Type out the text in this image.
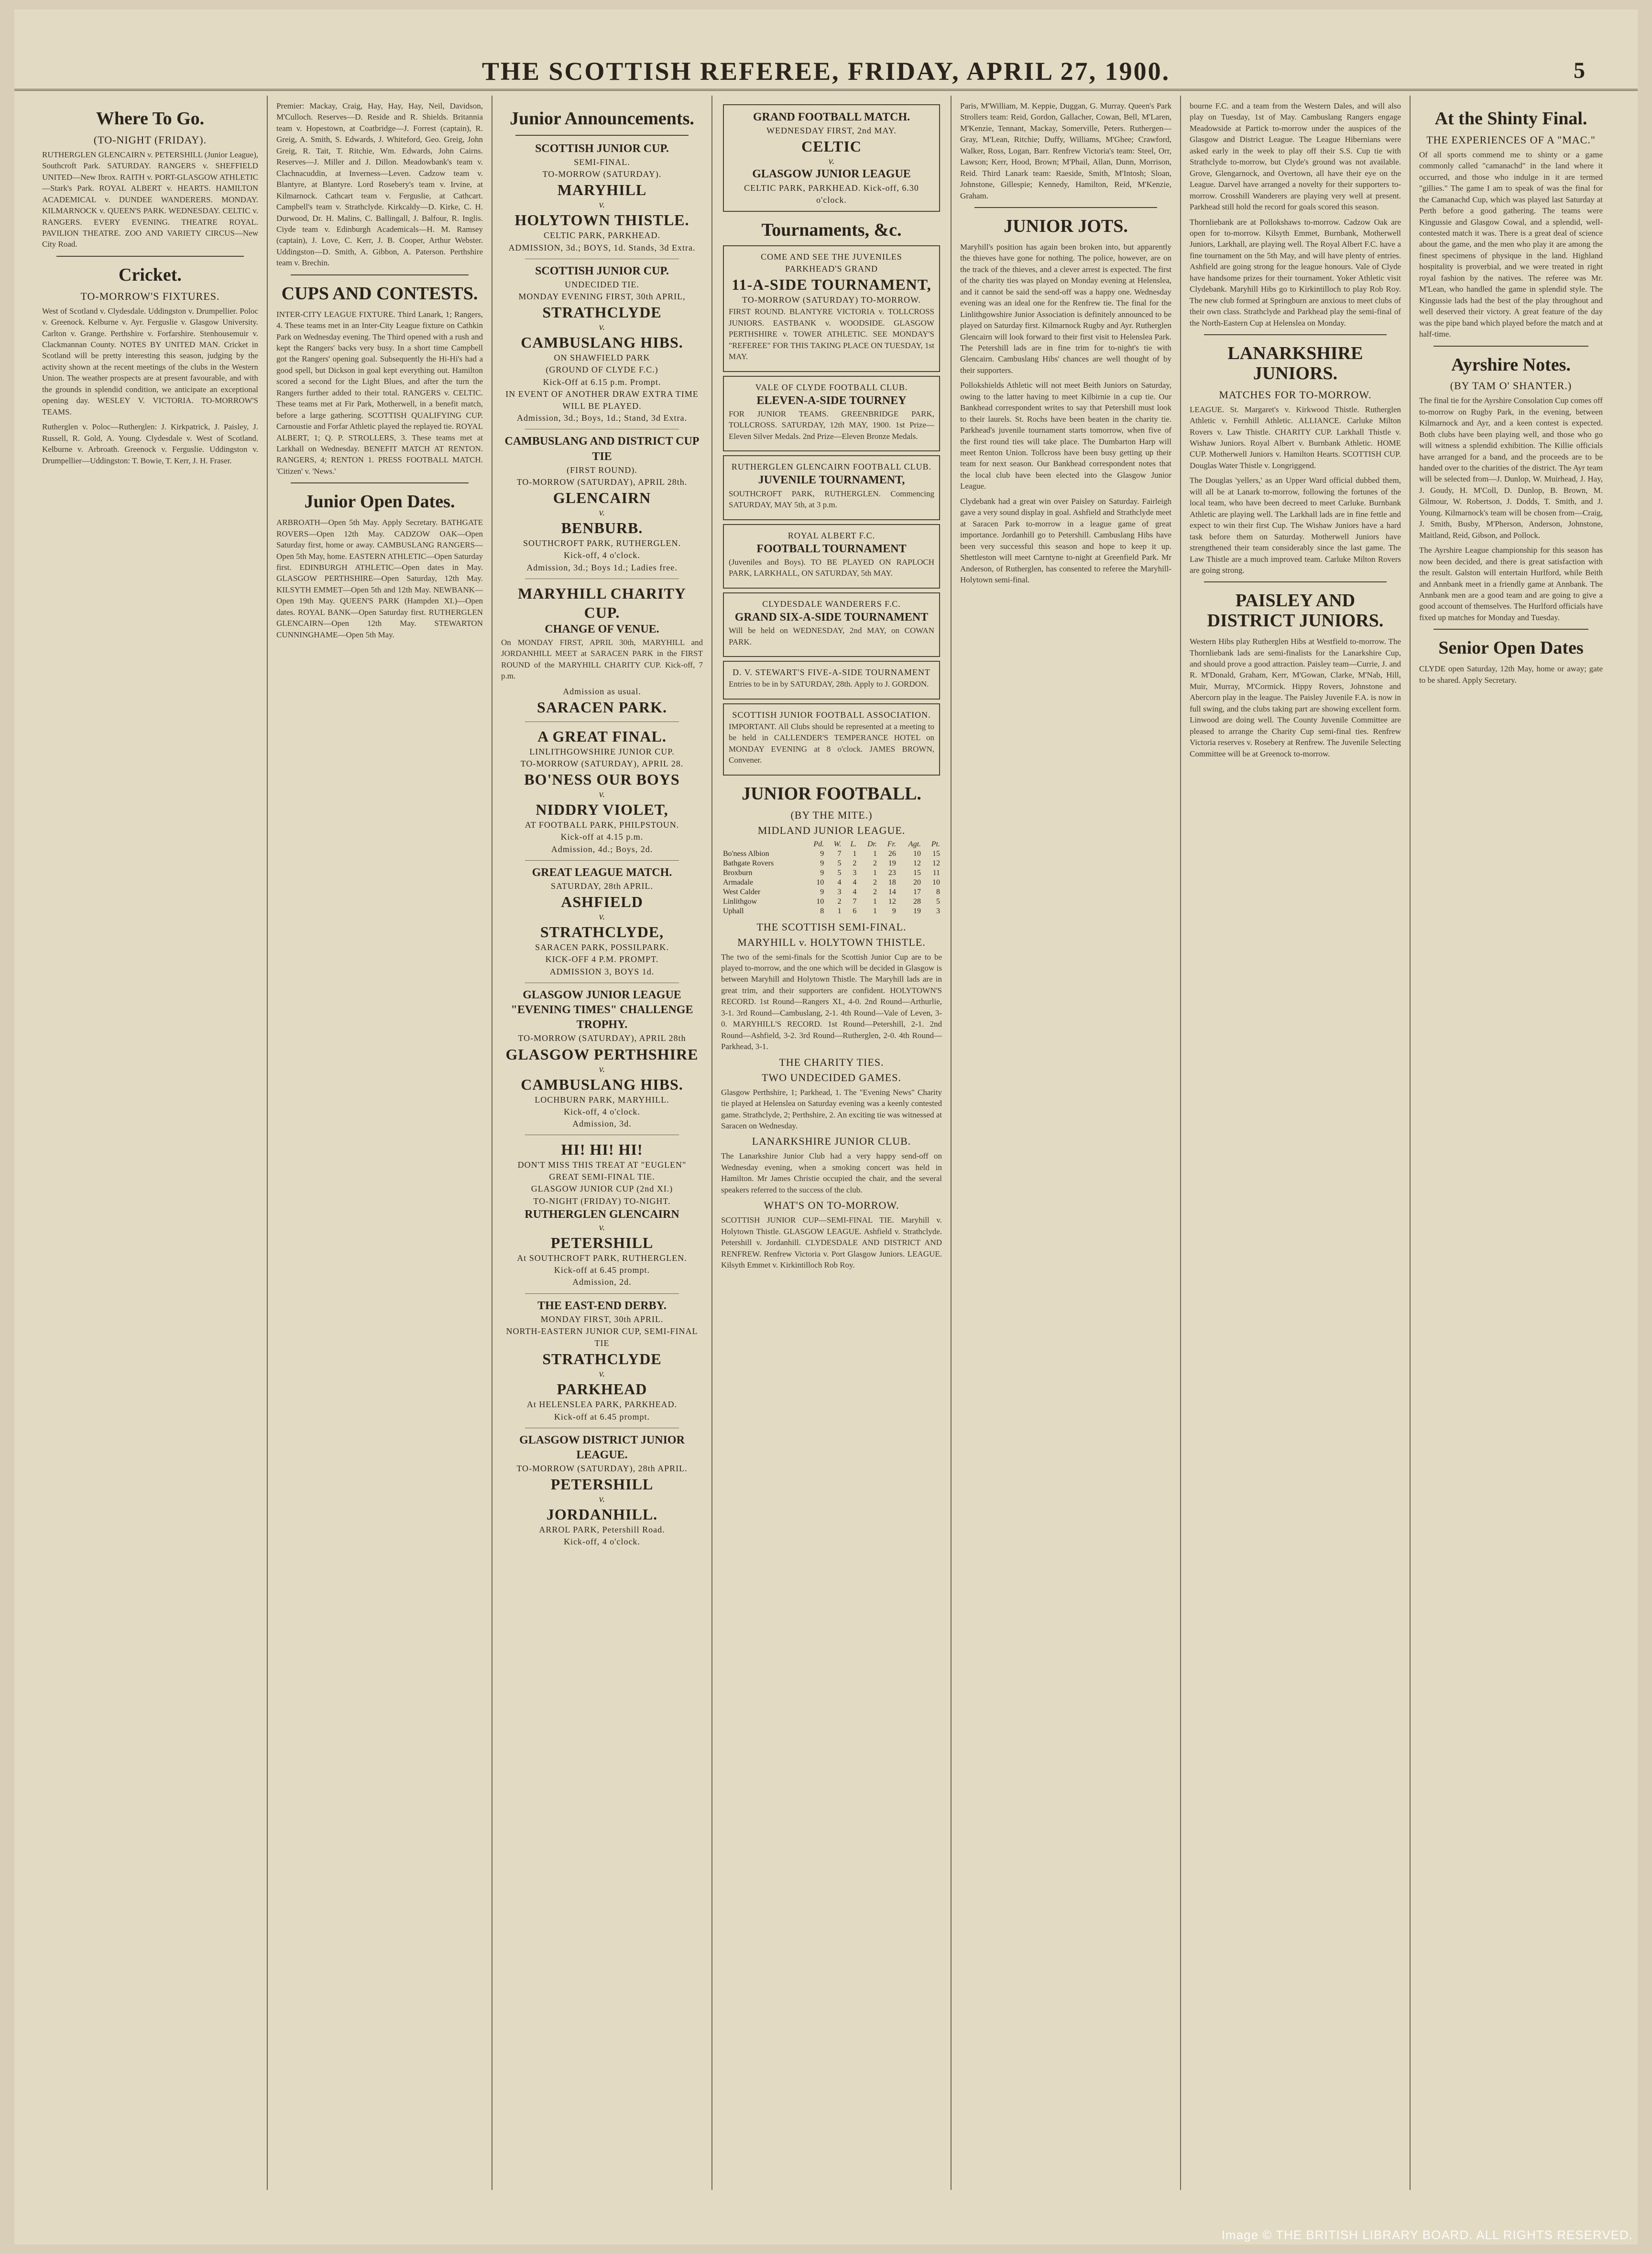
THE SCOTTISH REFEREE, FRIDAY, APRIL 27, 1900.	5
Where To Go.
(TO-NIGHT (FRIDAY).
RUTHERGLEN GLENCAIRN v. PETERSHILL (Junior League), Southcroft Park. SATURDAY. RANGERS v. SHEFFIELD UNITED—New Ibrox. RAITH v. PORT-GLASGOW ATHLETIC—Stark's Park. ROYAL ALBERT v. HEARTS. HAMILTON ACADEMICAL v. DUNDEE WANDERERS. MONDAY. KILMARNOCK v. QUEEN'S PARK. WEDNESDAY. CELTIC v. RANGERS. EVERY EVENING. THEATRE ROYAL. PAVILION THEATRE. ZOO AND VARIETY CIRCUS—New City Road.
Cricket.
TO-MORROW'S FIXTURES.
West of Scotland v. Clydesdale. Uddingston v. Drumpellier. Poloc v. Greenock. Kelburne v. Ayr. Ferguslie v. Glasgow University. Carlton v. Grange. Perthshire v. Forfarshire. Stenhousemuir v. Clackmannan County. NOTES BY UNITED MAN. Cricket in Scotland will be pretty interesting this season, judging by the activity shown at the recent meetings of the clubs in the Western Union. The weather prospects are at present favourable, and with the grounds in splendid condition, we anticipate an exceptional opening day. WESLEY V. VICTORIA. TO-MORROW'S TEAMS.
Rutherglen v. Poloc—Rutherglen: J. Kirkpatrick, J. Paisley, J. Russell, R. Gold, A. Young. Clydesdale v. West of Scotland. Kelburne v. Arbroath. Greenock v. Ferguslie. Uddingston v. Drumpellier—Uddingston: T. Bowie, T. Kerr, J. H. Fraser.
Premier: Mackay, Craig, Hay, Hay, Hay, Neil, Davidson, M'Culloch. Reserves—D. Reside and R. Shields. Britannia team v. Hopestown, at Coatbridge—J. Forrest (captain), R. Greig, A. Smith, S. Edwards, J. Whiteford, Geo. Greig, John Greig, R. Tait, T. Ritchie, Wm. Edwards, John Cairns. Reserves—J. Miller and J. Dillon. Meadowbank's team v. Clachnacuddin, at Inverness—Leven. Cadzow team v. Blantyre, at Blantyre. Lord Rosebery's team v. Irvine, at Kilmarnock. Cathcart team v. Ferguslie, at Cathcart. Campbell's team v. Strathclyde. Kirkcaldy—D. Kirke, C. H. Durwood, Dr. H. Malins, C. Ballingall, J. Balfour, R. Inglis. Ciyde team v. Edinburgh Academicals—H. M. Ramsey (captain), J. Love, C. Kerr, J. B. Cooper, Arthur Webster. Uddingston—D. Smith, A. Gibbon, A. Paterson. Perthshire team v. Brechin.
CUPS AND CONTESTS.
INTER-CITY LEAGUE FIXTURE. Third Lanark, 1; Rangers, 4. These teams met in an Inter-City League fixture on Cathkin Park on Wednesday evening. The Third opened with a rush and kept the Rangers' backs very busy. In a short time Campbell got the Rangers' opening goal. Subsequently the Hi-Hi's had a good spell, but Dickson in goal kept everything out. Hamilton scored a second for the Light Blues, and after the turn the Rangers further added to their total. RANGERS v. CELTIC. These teams met at Fir Park, Motherwell, in a benefit match, before a large gathering. SCOTTISH QUALIFYING CUP. Carnoustie and Forfar Athletic played the replayed tie. ROYAL ALBERT, 1; Q. P. STROLLERS, 3. These teams met at Larkhall on Wednesday. BENEFIT MATCH AT RENTON. RANGERS, 4; RENTON 1. PRESS FOOTBALL MATCH. 'Citizen' v. 'News.'
Junior Open Dates.
ARBROATH—Open 5th May. Apply Secretary. BATHGATE ROVERS—Open 12th May. CADZOW OAK—Open Saturday first, home or away. CAMBUSLANG RANGERS—Open 5th May, home. EASTERN ATHLETIC—Open Saturday first. EDINBURGH ATHLETIC—Open dates in May. GLASGOW PERTHSHIRE—Open Saturday, 12th May. KILSYTH EMMET—Open 5th and 12th May. NEWBANK—Open 19th May. QUEEN'S PARK (Hampden XI.)—Open dates. ROYAL BANK—Open Saturday first. RUTHERGLEN GLENCAIRN—Open 12th May. STEWARTON CUNNINGHAME—Open 5th May.
Junior Announcements.
SCOTTISH JUNIOR CUP.
SEMI-FINAL.
TO-MORROW (SATURDAY).
MARYHILL
v.
HOLYTOWN THISTLE.
CELTIC PARK, PARKHEAD.
ADMISSION, 3d.; BOYS, 1d. Stands, 3d Extra.
SCOTTISH JUNIOR CUP.
UNDECIDED TIE.
MONDAY EVENING FIRST, 30th APRIL,
STRATHCLYDE
v.
CAMBUSLANG HIBS.
ON SHAWFIELD PARK
(GROUND OF CLYDE F.C.)
Kick-Off at 6.15 p.m. Prompt.
IN EVENT OF ANOTHER DRAW EXTRA TIME WILL BE PLAYED.
Admission, 3d.; Boys, 1d.; Stand, 3d Extra.
CAMBUSLANG AND DISTRICT CUP TIE
(FIRST ROUND).
TO-MORROW (SATURDAY), APRIL 28th.
GLENCAIRN
v.
BENBURB.
SOUTHCROFT PARK, RUTHERGLEN.
Kick-off, 4 o'clock.
Admission, 3d.; Boys 1d.; Ladies free.
MARYHILL CHARITY CUP.
CHANGE OF VENUE.
On MONDAY FIRST, APRIL 30th, MARYHILL and JORDANHILL MEET at SARACEN PARK in the FIRST ROUND of the MARYHILL CHARITY CUP. Kick-off, 7 p.m.
Admission as usual.
SARACEN PARK.
A GREAT FINAL.
LINLITHGOWSHIRE JUNIOR CUP.
TO-MORROW (SATURDAY), APRIL 28.
BO'NESS OUR BOYS
v.
NIDDRY VIOLET,
AT FOOTBALL PARK, PHILPSTOUN.
Kick-off at 4.15 p.m.
Admission, 4d.; Boys, 2d.
GREAT LEAGUE MATCH.
SATURDAY, 28th APRIL.
ASHFIELD
v.
STRATHCLYDE,
SARACEN PARK, POSSILPARK.
KICK-OFF 4 P.M. PROMPT.
ADMISSION 3, BOYS 1d.
GLASGOW JUNIOR LEAGUE "EVENING TIMES" CHALLENGE TROPHY.
TO-MORROW (SATURDAY), APRIL 28th
GLASGOW PERTHSHIRE
v.
CAMBUSLANG HIBS.
LOCHBURN PARK, MARYHILL.
Kick-off, 4 o'clock.
Admission, 3d.
HI! HI! HI!
DON'T MISS THIS TREAT AT "EUGLEN"
GREAT SEMI-FINAL TIE.
GLASGOW JUNIOR CUP (2nd XI.)
TO-NIGHT (FRIDAY) TO-NIGHT.
RUTHERGLEN GLENCAIRN
v.
PETERSHILL
At SOUTHCROFT PARK, RUTHERGLEN.
Kick-off at 6.45 prompt.
Admission, 2d.
THE EAST-END DERBY.
MONDAY FIRST, 30th APRIL.
NORTH-EASTERN JUNIOR CUP, SEMI-FINAL TIE
STRATHCLYDE
v.
PARKHEAD
At HELENSLEA PARK, PARKHEAD.
Kick-off at 6.45 prompt.
GLASGOW DISTRICT JUNIOR LEAGUE.
TO-MORROW (SATURDAY), 28th APRIL.
PETERSHILL
v.
JORDANHILL.
ARROL PARK, Petershill Road.
Kick-off, 4 o'clock.
GRAND FOOTBALL MATCH.
WEDNESDAY FIRST, 2nd MAY.
CELTIC
v.
GLASGOW JUNIOR LEAGUE
CELTIC PARK, PARKHEAD. Kick-off, 6.30 o'clock.
Tournaments, &c.
COME AND SEE THE JUVENILES
PARKHEAD'S GRAND
11-A-SIDE TOURNAMENT,
TO-MORROW (SATURDAY) TO-MORROW.
FIRST ROUND. BLANTYRE VICTORIA v. TOLLCROSS JUNIORS. EASTBANK v. WOODSIDE. GLASGOW PERTHSHIRE v. TOWER ATHLETIC. SEE MONDAY'S "REFEREE" FOR THIS TAKING PLACE ON TUESDAY, 1st MAY.
VALE OF CLYDE FOOTBALL CLUB.
ELEVEN-A-SIDE TOURNEY
FOR JUNIOR TEAMS. GREENBRIDGE PARK, TOLLCROSS. SATURDAY, 12th MAY, 1900. 1st Prize—Eleven Silver Medals. 2nd Prize—Eleven Bronze Medals.
RUTHERGLEN GLENCAIRN FOOTBALL CLUB.
JUVENILE TOURNAMENT,
SOUTHCROFT PARK, RUTHERGLEN. Commencing SATURDAY, MAY 5th, at 3 p.m.
ROYAL ALBERT F.C.
FOOTBALL TOURNAMENT
(Juveniles and Boys). TO BE PLAYED ON RAPLOCH PARK, LARKHALL, ON SATURDAY, 5th MAY.
CLYDESDALE WANDERERS F.C.
GRAND SIX-A-SIDE TOURNAMENT
Will be held on WEDNESDAY, 2nd MAY, on COWAN PARK.
D. V. STEWART'S FIVE-A-SIDE TOURNAMENT
Entries to be in by SATURDAY, 28th. Apply to J. GORDON.
SCOTTISH JUNIOR FOOTBALL ASSOCIATION.
IMPORTANT. All Clubs should be represented at a meeting to be held in CALLENDER'S TEMPERANCE HOTEL on MONDAY EVENING at 8 o'clock. JAMES BROWN, Convener.
JUNIOR FOOTBALL.
(BY THE MITE.)
MIDLAND JUNIOR LEAGUE.
	Pd.	W.	L.	Dr.	Fr.	Agt.	Pt.
Bo'ness Albion	9	7	1	1	26	10	15
Bathgate Rovers	9	5	2	2	19	12	12
Broxburn	9	5	3	1	23	15	11
Armadale	10	4	4	2	18	20	10
West Calder	9	3	4	2	14	17	8
Linlithgow	10	2	7	1	12	28	5
Uphall	8	1	6	1	9	19	3
THE SCOTTISH SEMI-FINAL.
MARYHILL v. HOLYTOWN THISTLE.
The two of the semi-finals for the Scottish Junior Cup are to be played to-morrow, and the one which will be decided in Glasgow is between Maryhill and Holytown Thistle. The Maryhill lads are in great trim, and their supporters are confident. HOLYTOWN'S RECORD. 1st Round—Rangers XI., 4-0. 2nd Round—Arthurlie, 3-1. 3rd Round—Cambuslang, 2-1. 4th Round—Vale of Leven, 3-0. MARYHILL'S RECORD. 1st Round—Petershill, 2-1. 2nd Round—Ashfield, 3-2. 3rd Round—Rutherglen, 2-0. 4th Round—Parkhead, 3-1.
THE CHARITY TIES.
TWO UNDECIDED GAMES.
Glasgow Perthshire, 1; Parkhead, 1. The "Evening News" Charity tie played at Helenslea on Saturday evening was a keenly contested game. Strathclyde, 2; Perthshire, 2. An exciting tie was witnessed at Saracen on Wednesday.
LANARKSHIRE JUNIOR CLUB.
The Lanarkshire Junior Club had a very happy send-off on Wednesday evening, when a smoking concert was held in Hamilton. Mr James Christie occupied the chair, and the several speakers referred to the success of the club.
WHAT'S ON TO-MORROW.
SCOTTISH JUNIOR CUP—SEMI-FINAL TIE. Maryhill v. Holytown Thistle. GLASGOW LEAGUE. Ashfield v. Strathclyde. Petershill v. Jordanhill. CLYDESDALE AND DISTRICT AND RENFREW. Renfrew Victoria v. Port Glasgow Juniors. LEAGUE. Kilsyth Emmet v. Kirkintilloch Rob Roy.
Paris, M'William, M. Keppie, Duggan, G. Murray. Queen's Park Strollers team: Reid, Gordon, Gallacher, Cowan, Bell, M'Laren, M'Kenzie, Tennant, Mackay, Somerville, Peters. Ruthergen—Gray, M'Lean, Ritchie; Duffy, Williams, M'Ghee; Crawford, Walker, Ross, Logan, Barr. Renfrew Victoria's team: Steel, Orr, Lawson; Kerr, Hood, Brown; M'Phail, Allan, Dunn, Morrison, Reid. Third Lanark team: Raeside, Smith, M'Intosh; Sloan, Johnstone, Gillespie; Kennedy, Hamilton, Reid, M'Kenzie, Graham.
JUNIOR JOTS.
Maryhill's position has again been broken into, but apparently the thieves have gone for nothing. The police, however, are on the track of the thieves, and a clever arrest is expected. The first of the charity ties was played on Monday evening at Helenslea, and it cannot be said the send-off was a happy one. Wednesday evening was an ideal one for the Renfrew tie. The final for the Linlithgowshire Junior Association is definitely announced to be played on Saturday first. Kilmarnock Rugby and Ayr. Rutherglen Glencairn will look forward to their first visit to Helenslea Park. The Petershill lads are in fine trim for to-night's tie with Glencairn. Cambuslang Hibs' chances are well thought of by their supporters.
Pollokshields Athletic will not meet Beith Juniors on Saturday, owing to the latter having to meet Kilbirnie in a cup tie. Our Bankhead correspondent writes to say that Petershill must look to their laurels. St. Rochs have been beaten in the charity tie. Parkhead's juvenile tournament starts tomorrow, when five of the first round ties will take place. The Dumbarton Harp will meet Renton Union. Tollcross have been busy getting up their team for next season. Our Bankhead correspondent notes that the local club have been elected into the Glasgow Junior League.
Clydebank had a great win over Paisley on Saturday. Fairleigh gave a very sound display in goal. Ashfield and Strathclyde meet at Saracen Park to-morrow in a league game of great importance. Jordanhill go to Petershill. Cambuslang Hibs have been very successful this season and hope to keep it up. Shettleston will meet Carntyne to-night at Greenfield Park. Mr Anderson, of Rutherglen, has consented to referee the Maryhill-Holytown semi-final.
bourne F.C. and a team from the Western Dales, and will also play on Tuesday, 1st of May. Cambuslang Rangers engage Meadowside at Partick to-morrow under the auspices of the Glasgow and District League. The League Hibernians were asked early in the week to play off their S.S. Cup tie with Strathclyde to-morrow, but Clyde's ground was not available. Grove, Glengarnock, and Overtown, all have their eye on the League. Darvel have arranged a novelty for their supporters to-morrow. Crosshill Wanderers are playing very well at present. Parkhead still hold the record for goals scored this season.
Thornliebank are at Pollokshaws to-morrow. Cadzow Oak are open for to-morrow. Kilsyth Emmet, Burnbank, Motherwell Juniors, Larkhall, are playing well. The Royal Albert F.C. have a fine tournament on the 5th May, and will have plenty of entries. Ashfield are going strong for the league honours. Vale of Clyde have handsome prizes for their tournament. Yoker Athletic visit Clydebank. Maryhill Hibs go to Kirkintilloch to play Rob Roy. The new club formed at Springburn are anxious to meet clubs of their own class. Strathclyde and Parkhead play the semi-final of the North-Eastern Cup at Helenslea on Monday.
LANARKSHIRE JUNIORS.
MATCHES FOR TO-MORROW.
LEAGUE. St. Margaret's v. Kirkwood Thistle. Rutherglen Athletic v. Fernhill Athletic. ALLIANCE. Carluke Milton Rovers v. Law Thistle. CHARITY CUP. Larkhall Thistle v. Wishaw Juniors. Royal Albert v. Burnbank Athletic. HOME CUP. Motherwell Juniors v. Hamilton Hearts. SCOTTISH CUP. Douglas Water Thistle v. Longriggend.
The Douglas 'yellers,' as an Upper Ward official dubbed them, will all be at Lanark to-morrow, following the fortunes of the local team, who have been decreed to meet Carluke. Burnbank Athletic are playing well. The Larkhall lads are in fine fettle and expect to win their first Cup. The Wishaw Juniors have a hard task before them on Saturday. Motherwell Juniors have strengthened their team considerably since the last game. The Law Thistle are a much improved team. Carluke Milton Rovers are going strong.
PAISLEY AND DISTRICT JUNIORS.
Western Hibs play Rutherglen Hibs at Westfield to-morrow. The Thornliebank lads are semi-finalists for the Lanarkshire Cup, and should prove a good attraction. Paisley team—Currie, J. and R. M'Donald, Graham, Kerr, M'Gowan, Clarke, M'Nab, Hill, Muir, Murray, M'Cormick. Hippy Rovers, Johnstone and Abercorn play in the league. The Paisley Juvenile F.A. is now in full swing, and the clubs taking part are showing excellent form. Linwood are doing well. The County Juvenile Committee are pleased to arrange the Charity Cup semi-final ties. Renfrew Victoria reserves v. Rosebery at Renfrew. The Juvenile Selecting Committee will be at Greenock to-morrow.
At the Shinty Final.
THE EXPERIENCES OF A "MAC."
Of all sports commend me to shinty or a game commonly called "camanachd" in the land where it occurred, and those who indulge in it are termed "gillies." The game I am to speak of was the final for the Camanachd Cup, which was played last Saturday at Perth before a good gathering. The teams were Kingussie and Glasgow Cowal, and a splendid, well-contested match it was. There is a great deal of science about the game, and the men who play it are among the finest specimens of physique in the land. Highland hospitality is proverbial, and we were treated in right royal fashion by the natives. The referee was Mr. M'Lean, who handled the game in splendid style. The Kingussie lads had the best of the play throughout and well deserved their victory. A great feature of the day was the pipe band which played before the match and at half-time.
Ayrshire Notes.
(BY TAM O' SHANTER.)
The final tie for the Ayrshire Consolation Cup comes off to-morrow on Rugby Park, in the evening, between Kilmarnock and Ayr, and a keen contest is expected. Both clubs have been playing well, and those who go will witness a splendid exhibition. The Killie officials have arranged for a band, and the proceeds are to be handed over to the charities of the district. The Ayr team will be selected from—J. Dunlop, W. Muirhead, J. Hay, J. Goudy, H. M'Coll, D. Dunlop, B. Brown, M. Gilmour, W. Robertson, J. Dodds, T. Smith, and J. Young. Kilmarnock's team will be chosen from—Craig, J. Smith, Busby, M'Pherson, Anderson, Johnstone, Maitland, Reid, Gibson, and Pollock.
The Ayrshire League championship for this season has now been decided, and there is great satisfaction with the result. Galston will entertain Hurlford, while Beith and Annbank meet in a friendly game at Annbank. The Annbank men are a good team and are going to give a good account of themselves. The Hurlford officials have fixed up matches for Monday and Tuesday.
Senior Open Dates
CLYDE open Saturday, 12th May, home or away; gate to be shared. Apply Secretary.
Image © THE BRITISH LIBRARY BOARD. ALL RIGHTS RESERVED.
